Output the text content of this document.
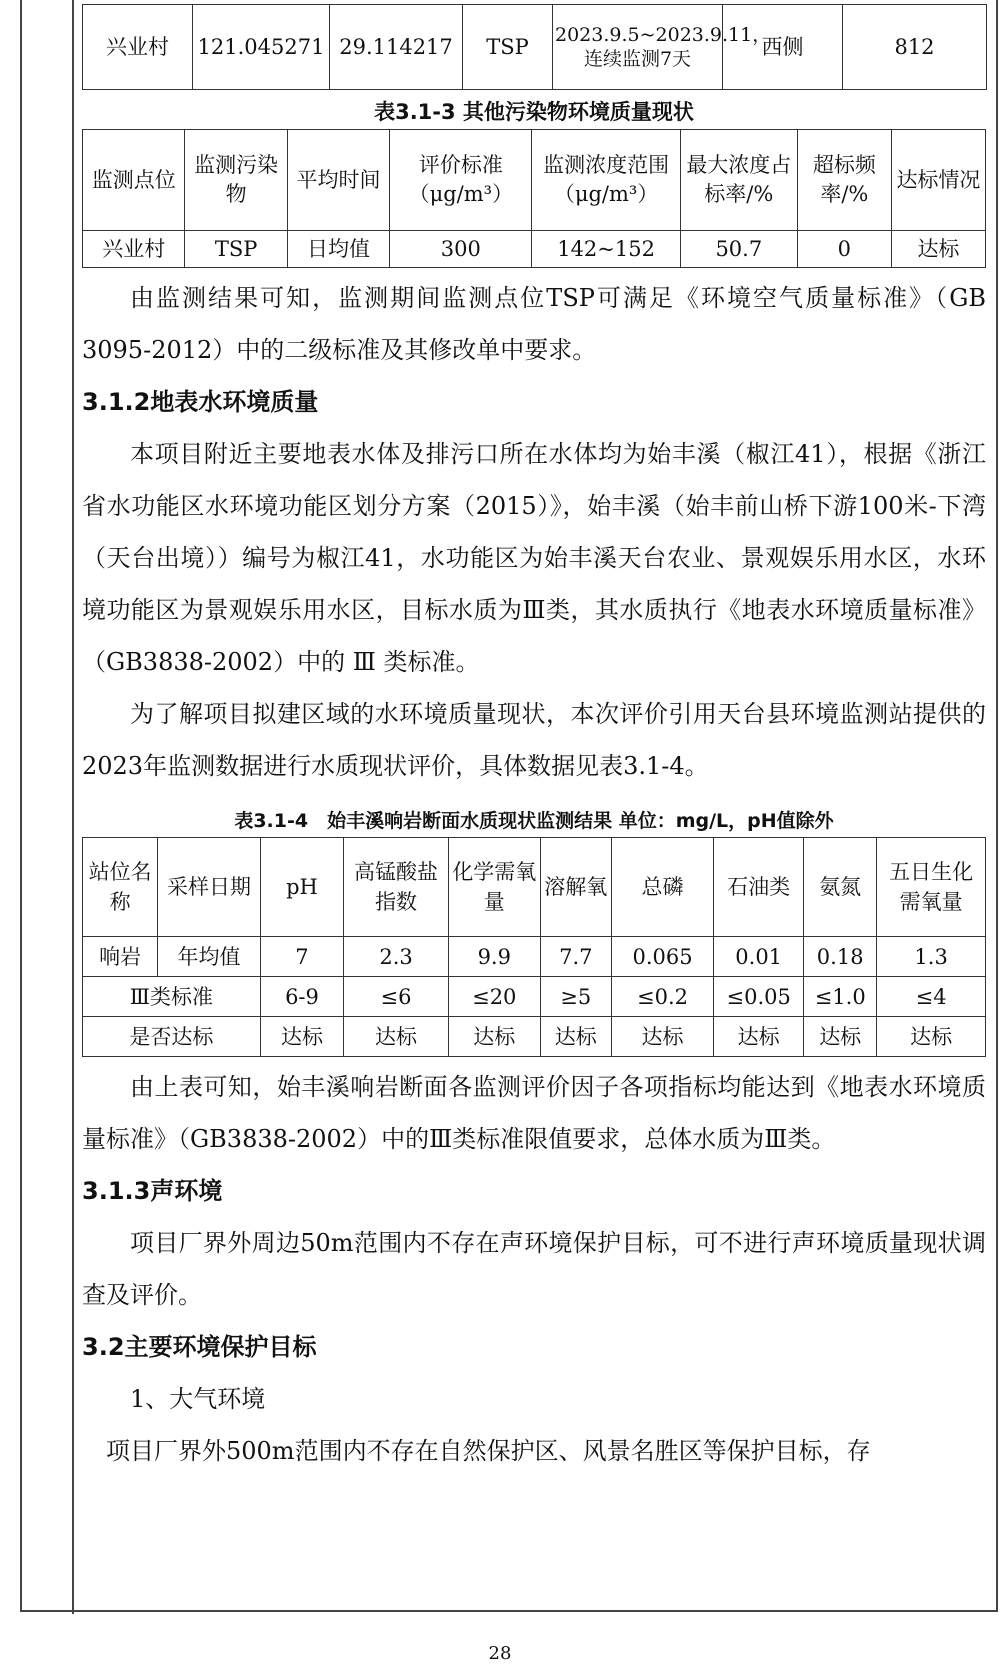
兴业村	121.045271	29.114217	TSP	2023.9.5~2023.9.11，连续监测7天	西侧	812
表3.1-3 其他污染物环境质量现状
监测点位	监测污染物	平均时间	评价标准（μg/m³）	监测浓度范围（μg/m³）	最大浓度占标率/%	超标频率/%	达标情况
兴业村	TSP	日均值	300	142~152	50.7	0	达标

由监测结果可知，监测期间监测点位TSP可满足《环境空气质量标准》（GB 3095-2012）中的二级标准及其修改单中要求。

3.1.2地表水环境质量

本项目附近主要地表水体及排污口所在水体均为始丰溪（椒江41），根据《浙江省水功能区水环境功能区划分方案（2015）》，始丰溪（始丰前山桥下游100米-下湾（天台出境））编号为椒江41，水功能区为始丰溪天台农业、景观娱乐用水区，水环境功能区为景观娱乐用水区，目标水质为Ⅲ类，其水质执行《地表水环境质量标准》（GB3838-2002）中的 Ⅲ 类标准。

为了解项目拟建区域的水环境质量现状，本次评价引用天台县环境监测站提供的2023年监测数据进行水质现状评价，具体数据见表3.1-4。

表3.1-4　始丰溪响岩断面水质现状监测结果 单位：mg/L，pH值除外
站位名称	采样日期	pH	高锰酸盐指数	化学需氧量	溶解氧	总磷	石油类	氨氮	五日生化需氧量
响岩	年均值	7	2.3	9.9	7.7	0.065	0.01	0.18	1.3
Ⅲ类标准		6-9	≤6	≤20	≥5	≤0.2	≤0.05	≤1.0	≤4
是否达标		达标	达标	达标	达标	达标	达标	达标	达标

由上表可知，始丰溪响岩断面各监测评价因子各项指标均能达到《地表水环境质量标准》（GB3838-2002）中的Ⅲ类标准限值要求，总体水质为Ⅲ类。

3.1.3声环境

项目厂界外周边50m范围内不存在声环境保护目标，可不进行声环境质量现状调查及评价。

3.2主要环境保护目标

1、大气环境

项目厂界外500m范围内不存在自然保护区、风景名胜区等保护目标，存

28
